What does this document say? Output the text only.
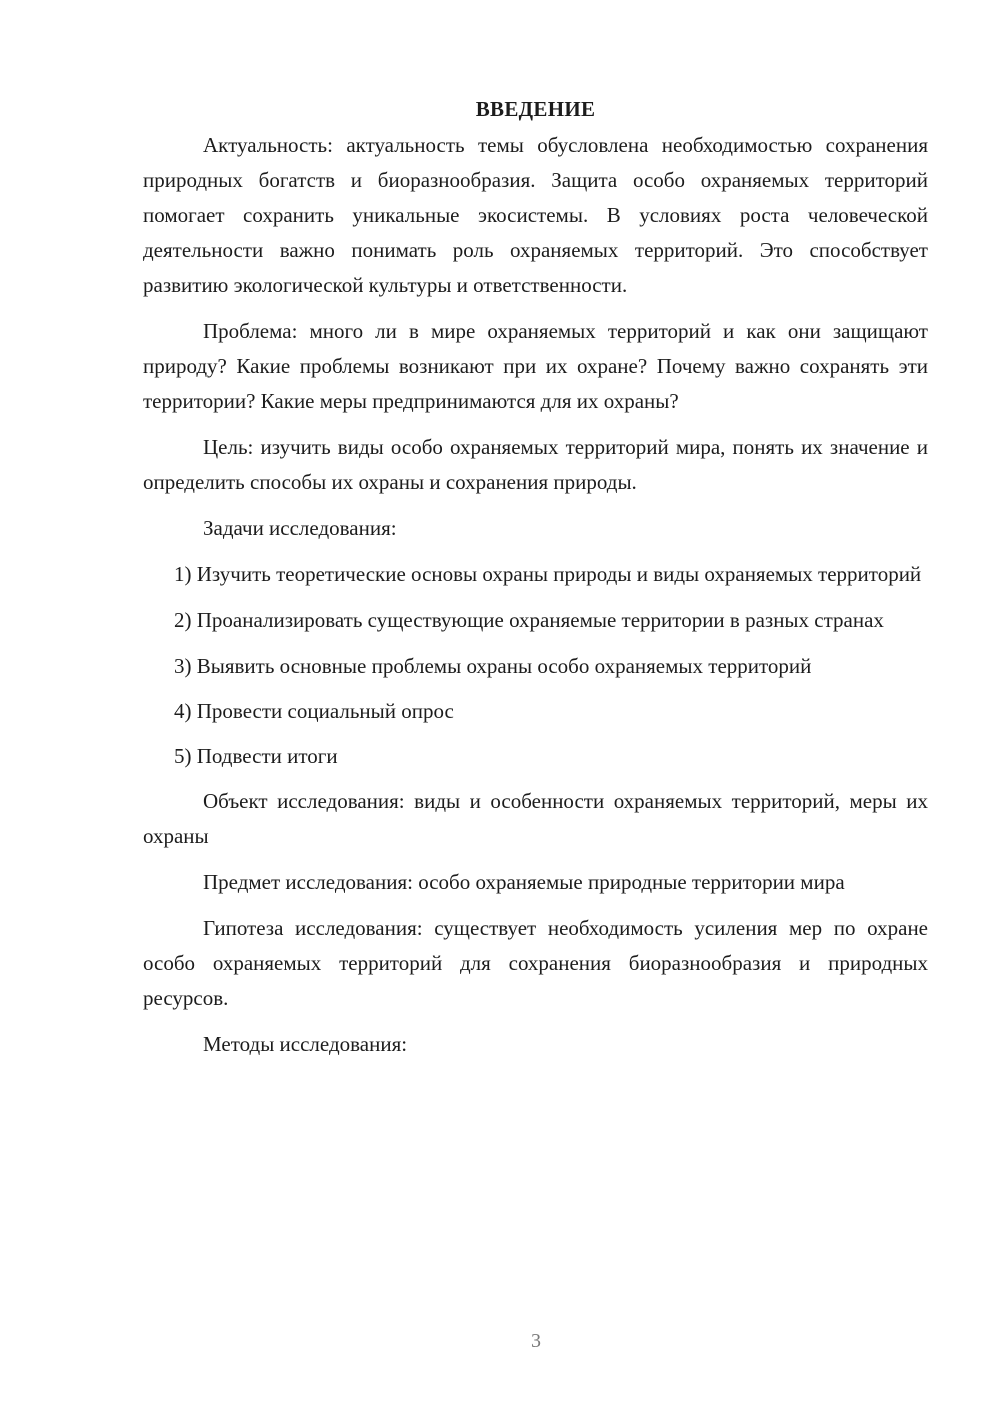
ВВЕДЕНИЕ

Актуальность: актуальность темы обусловлена необходимостью сохранения природных богатств и биоразнообразия. Защита особо охраняемых территорий помогает сохранить уникальные экосистемы. В условиях роста человеческой деятельности важно понимать роль охраняемых территорий. Это способствует развитию экологической культуры и ответственности.

Проблема: много ли в мире охраняемых территорий и как они защищают природу? Какие проблемы возникают при их охране? Почему важно сохранять эти территории? Какие меры предпринимаются для их охраны?

Цель: изучить виды особо охраняемых территорий мира, понять их значение и определить способы их охраны и сохранения природы.

Задачи исследования:

1) Изучить теоретические основы охраны природы и виды охраняемых территорий

2) Проанализировать существующие охраняемые территории в разных странах

3) Выявить основные проблемы охраны особо охраняемых территорий

4) Провести социальный опрос

5) Подвести итоги

Объект исследования: виды и особенности охраняемых территорий, меры их охраны

Предмет исследования: особо охраняемые природные территории мира

Гипотеза исследования: существует необходимость усиления мер по охране особо охраняемых территорий для сохранения биоразнообразия и природных ресурсов.

Методы исследования:

3
